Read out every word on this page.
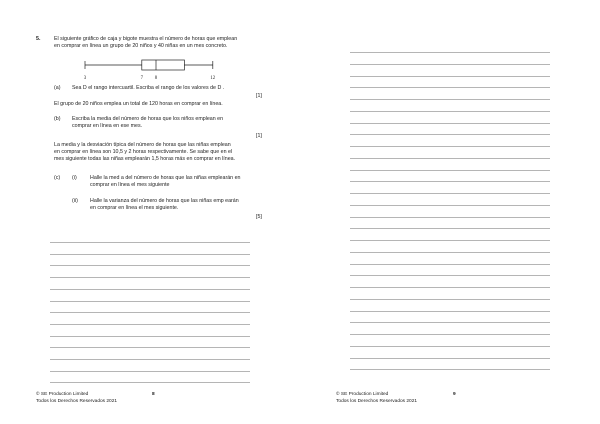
5.	El siguiente gráfico de caja y bigote muestra el número de horas que emplean
en comprar en línea un grupo de 20 niños y 40 niñas en un mes concreto.
3	7 8	12
(a) Sea D el rango intercuartil. Escriba el rango de los valores de D .
[1]
El grupo de 20 niños emplea un total de 120 horas en comprar en línea.
(b) Escriba la media del número de horas que los niños emplean en
comprar en línea en ese mes.
[1]
La media y la desviación típica del número de horas que las niñas emplean
en comprar en línea son 10,5 y 2 horas respectivamente. Se sabe que en el
mes siguiente todas las niñas emplearán 1,5 horas más en comprar en línea.
(c) (i)	Halle la med a del número de horas que las niñas emplearán en
comprar en línea el mes siguiente
(ii) Halle la varianza del número de horas que las niñas emp earán
en comprar en línea el mes siguiente.
[5]
© SE Production Limited
Todos los Derechos Reservados 2021
8	© SE Production Limited
Todos los Derechos Reservados 2021
9
